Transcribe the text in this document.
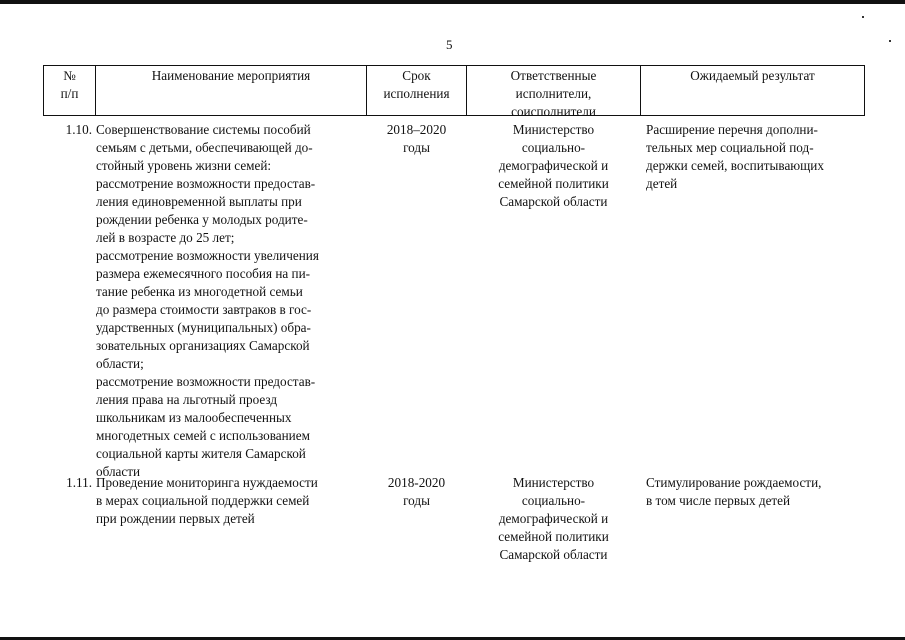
5
№
п/п
Наименование мероприятия	Срок
исполнения
Ответственные
исполнители,
соисполнители
Ожидаемый результат
1.10. Совершенствование системы пособий
семьям с детьми, обеспечивающей до-
стойный уровень жизни семей:
рассмотрение возможности предостав-
ления единовременной выплаты при
рождении ребенка у молодых родите-
лей в возрасте до 25 лет;
рассмотрение возможности увеличения
размера ежемесячного пособия на пи-
тание ребенка из многодетной семьи
до размера стоимости завтраков в гос-
ударственных (муниципальных) обра-
зовательных организациях Самарской
области;
рассмотрение возможности предостав-
ления права на льготный проезд
школьникам из малообеспеченных
многодетных семей с использованием
социальной карты жителя Самарской
области
2018–2020
годы
Министерство
социально-
демографической и
семейной политики
Самарской области
Расширение перечня дополни-
тельных мер социальной под-
держки семей, воспитывающих
детей
1.11. Проведение мониторинга нуждаемости
в мерах социальной поддержки семей
при рождении первых детей
2018-2020
годы
Министерство
социально-
демографической и
семейной политики
Самарской области
Стимулирование рождаемости,
в том числе первых детей
